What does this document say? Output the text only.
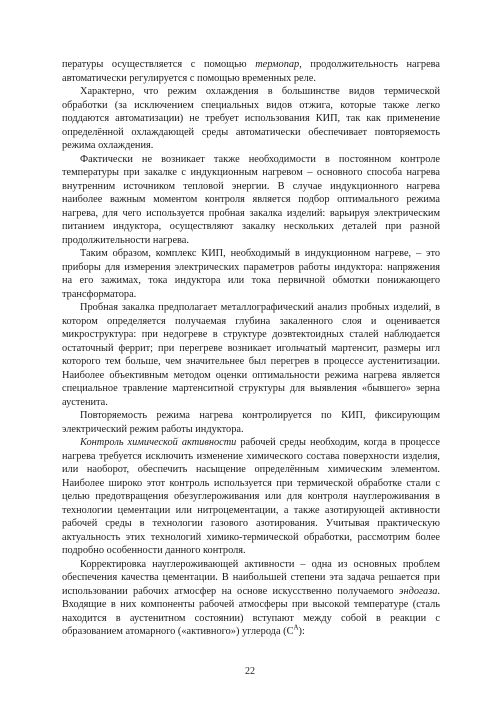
пературы осуществляется с помощью термопар, продолжительность нагрева автоматически регулируется с помощью временных реле.

Характерно, что режим охлаждения в большинстве видов термической обработки (за исключением специальных видов отжига, которые также легко поддаются автоматизации) не требует использования КИП, так как применение определённой охлаждающей среды автоматически обеспечивает повторяемость режима охлаждения.

Фактически не возникает также необходимости в постоянном контроле температуры при закалке с индукционным нагревом – основного способа нагрева внутренним источником тепловой энергии. В случае индукционного нагрева наиболее важным моментом контроля является подбор оптимального режима нагрева, для чего используется пробная закалка изделий: варьируя электрическим питанием индуктора, осуществляют закалку нескольких деталей при разной продолжительности нагрева.

Таким образом, комплекс КИП, необходимый в индукционном нагреве, – это приборы для измерения электрических параметров работы индуктора: напряжения на его зажимах, тока индуктора или тока первичной обмотки понижающего трансформатора.

Пробная закалка предполагает металлографический анализ пробных изделий, в котором определяется получаемая глубина закаленного слоя и оценивается микроструктура: при недогреве в структуре доэвтектоидных сталей наблюдается остаточный феррит; при перегреве возникает игольчатый мартенсит, размеры игл которого тем больше, чем значительнее был перегрев в процессе аустенитизации. Наиболее объективным методом оценки оптимальности режима нагрева является специальное травление мартенситной структуры для выявления «бывшего» зерна аустенита.

Повторяемость режима нагрева контролируется по КИП, фиксирующим электрический режим работы индуктора.

Контроль химической активности рабочей среды необходим, когда в процессе нагрева требуется исключить изменение химического состава поверхности изделия, или наоборот, обеспечить насыщение определённым химическим элементом. Наиболее широко этот контроль используется при термической обработке стали с целью предотвращения обезуглероживания или для контроля науглероживания в технологии цементации или нитроцементации, а также азотирующей активности рабочей среды в технологии газового азотирования. Учитывая практическую актуальность этих технологий химико-термической обработки, рассмотрим более подробно особенности данного контроля.

Корректировка науглероживающей активности – одна из основных проблем обеспечения качества цементации. В наибольшей степени эта задача решается при использовании рабочих атмосфер на основе искусственно получаемого эндогаза. Входящие в них компоненты рабочей атмосферы при высокой температуре (сталь находится в аустенитном состоянии) вступают между собой в реакции с образованием атомарного («активного») углерода $(C^А)$:

22
